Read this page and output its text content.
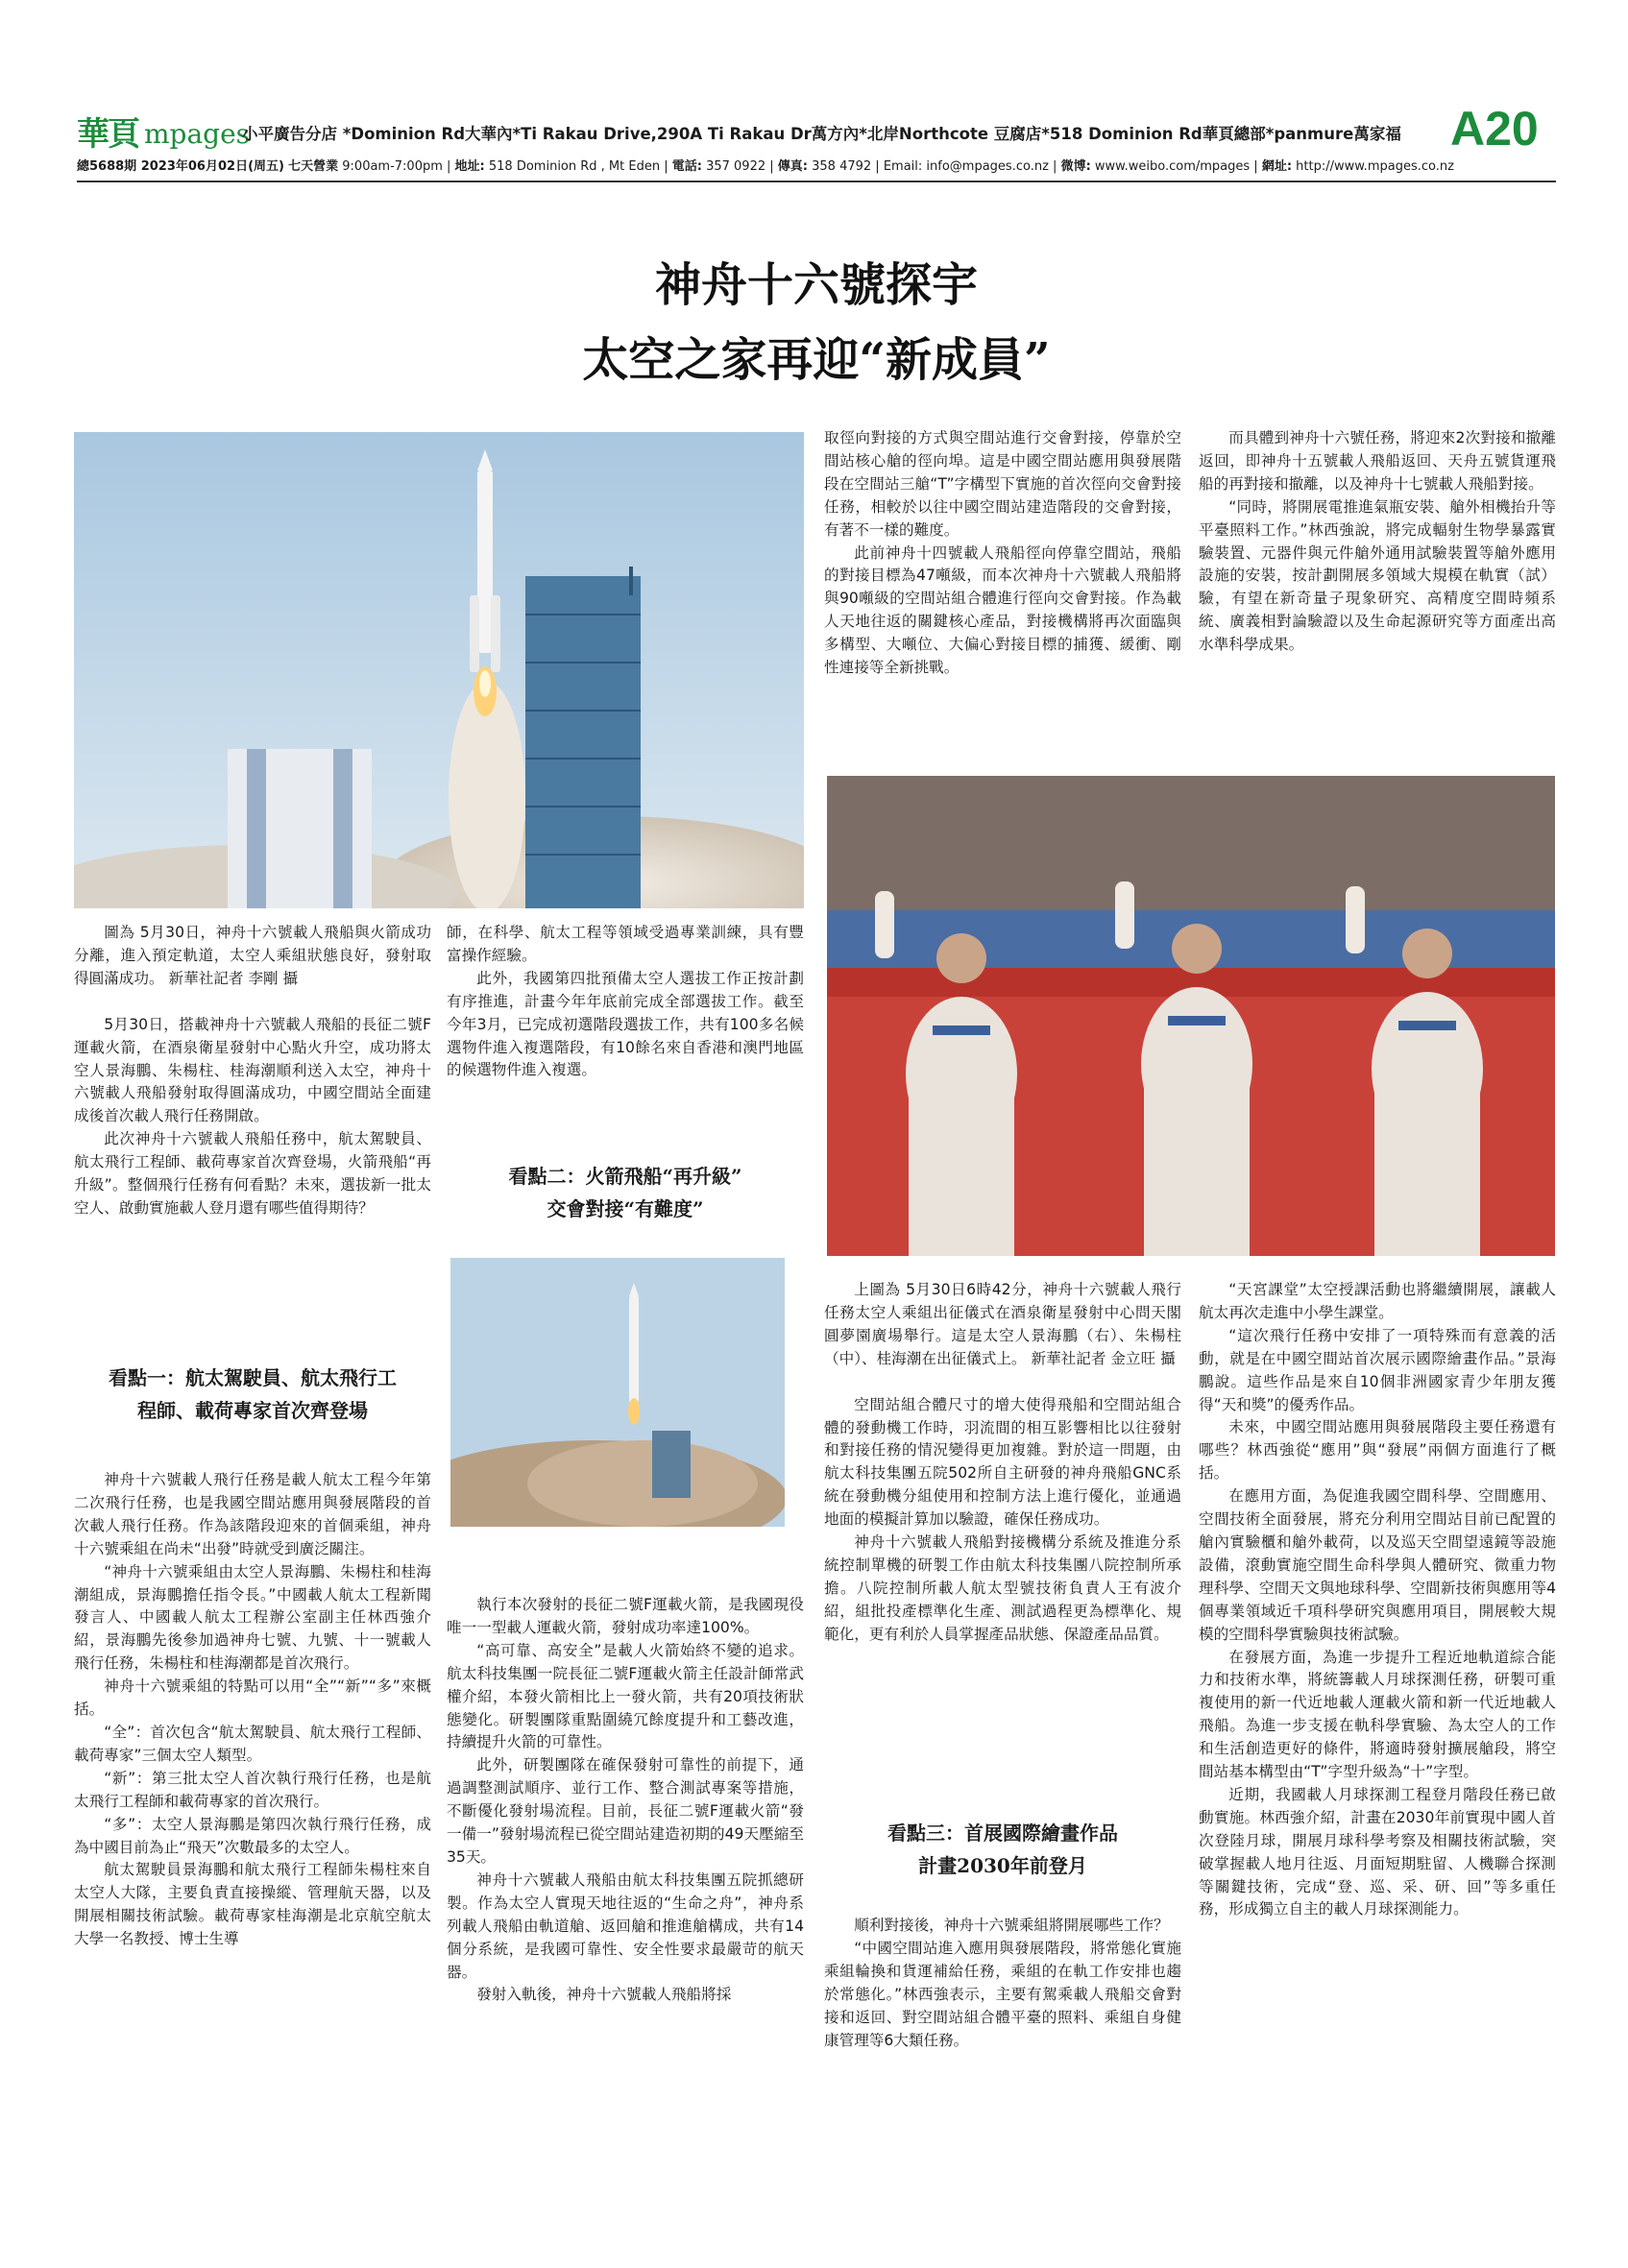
華頁 mpages
小平廣告分店 *Dominion Rd大華內*Ti Rakau Drive,290A Ti Rakau Dr萬方內*北岸Northcote 豆腐店*518 Dominion Rd華頁總部*panmure萬家福	A20
總5688期 2023年06月02日(周五) 七天營業 9:00am-7:00pm | 地址: 518 Dominion Rd , Mt Eden | 電話: 357 0922 | 傳真: 358 4792 | Email: info@mpages.co.nz | 微博: www.weibo.com/mpages | 網址: http://www.mpages.co.nz
神舟十六號探宇
太空之家再迎“新成員”

圖為 5月30日，神舟十六號載人飛船與火箭成功分離，進入預定軌道，太空人乘組狀態良好，發射取得圓滿成功。 新華社記者 李剛 攝

5月30日，搭載神舟十六號載人飛船的長征二號F運載火箭，在酒泉衛星發射中心點火升空，成功將太空人景海鵬、朱楊柱、桂海潮順利送入太空，神舟十六號載人飛船發射取得圓滿成功，中國空間站全面建成後首次載人飛行任務開啟。

此次神舟十六號載人飛船任務中，航太駕駛員、航太飛行工程師、載荷專家首次齊登場，火箭飛船“再升級”。整個飛行任務有何看點？未來，選拔新一批太空人、啟動實施載人登月還有哪些值得期待？

看點一：航太駕駛員、航太飛行工
程師、載荷專家首次齊登場

神舟十六號載人飛行任務是載人航太工程今年第二次飛行任務，也是我國空間站應用與發展階段的首次載人飛行任務。作為該階段迎來的首個乘組，神舟十六號乘組在尚未“出發”時就受到廣泛關注。

“神舟十六號乘組由太空人景海鵬、朱楊柱和桂海潮組成，景海鵬擔任指令長。”中國載人航太工程新聞發言人、中國載人航太工程辦公室副主任林西強介紹，景海鵬先後參加過神舟七號、九號、十一號載人飛行任務，朱楊柱和桂海潮都是首次飛行。

神舟十六號乘組的特點可以用“全”“新”“多”來概括。

“全”：首次包含“航太駕駛員、航太飛行工程師、載荷專家”三個太空人類型。

“新”：第三批太空人首次執行飛行任務，也是航太飛行工程師和載荷專家的首次飛行。

“多”：太空人景海鵬是第四次執行飛行任務，成為中國目前為止“飛天”次數最多的太空人。

航太駕駛員景海鵬和航太飛行工程師朱楊柱來自太空人大隊，主要負責直接操縱、管理航天器，以及開展相關技術試驗。載荷專家桂海潮是北京航空航太大學一名教授、博士生導

師，在科學、航太工程等領域受過專業訓練，具有豐富操作經驗。

此外，我國第四批預備太空人選拔工作正按計劃有序推進，計畫今年年底前完成全部選拔工作。截至今年3月，已完成初選階段選拔工作，共有100多名候選物件進入複選階段，有10餘名來自香港和澳門地區的候選物件進入複選。

看點二：火箭飛船“再升級”
交會對接“有難度”

執行本次發射的長征二號F運載火箭，是我國現役唯一一型載人運載火箭，發射成功率達100%。

“高可靠、高安全”是載人火箭始終不變的追求。航太科技集團一院長征二號F運載火箭主任設計師常武權介紹，本發火箭相比上一發火箭，共有20項技術狀態變化。研製團隊重點圍繞冗餘度提升和工藝改進，持續提升火箭的可靠性。

此外，研製團隊在確保發射可靠性的前提下，通過調整測試順序、並行工作、整合測試專案等措施，不斷優化發射場流程。目前，長征二號F運載火箭“發一備一”發射場流程已從空間站建造初期的49天壓縮至35天。

神舟十六號載人飛船由航太科技集團五院抓總研製。作為太空人實現天地往返的“生命之舟”，神舟系列載人飛船由軌道艙、返回艙和推進艙構成，共有14個分系統，是我國可靠性、安全性要求最嚴苛的航天器。

發射入軌後，神舟十六號載人飛船將採

取徑向對接的方式與空間站進行交會對接，停靠於空間站核心艙的徑向埠。這是中國空間站應用與發展階段在空間站三艙“T”字構型下實施的首次徑向交會對接任務，相較於以往中國空間站建造階段的交會對接，有著不一樣的難度。

此前神舟十四號載人飛船徑向停靠空間站，飛船的對接目標為47噸級，而本次神舟十六號載人飛船將與90噸級的空間站組合體進行徑向交會對接。作為載人天地往返的關鍵核心產品，對接機構將再次面臨與多構型、大噸位、大偏心對接目標的捕獲、緩衝、剛性連接等全新挑戰。

上圖為 5月30日6時42分，神舟十六號載人飛行任務太空人乘組出征儀式在酒泉衛星發射中心問天閣圓夢園廣場舉行。這是太空人景海鵬（右）、朱楊柱（中）、桂海潮在出征儀式上。 新華社記者 金立旺 攝

空間站組合體尺寸的增大使得飛船和空間站組合體的發動機工作時，羽流間的相互影響相比以往發射和對接任務的情況變得更加複雜。對於這一問題，由航太科技集團五院502所自主研發的神舟飛船GNC系統在發動機分組使用和控制方法上進行優化，並通過地面的模擬計算加以驗證，確保任務成功。

神舟十六號載人飛船對接機構分系統及推進分系統控制單機的研製工作由航太科技集團八院控制所承擔。八院控制所載人航太型號技術負責人王有波介紹，組批投產標準化生產、測試過程更為標準化、規範化，更有利於人員掌握產品狀態、保證產品品質。

看點三：首展國際繪畫作品
計畫2030年前登月

順利對接後，神舟十六號乘組將開展哪些工作？

“中國空間站進入應用與發展階段，將常態化實施乘組輪換和貨運補給任務，乘組的在軌工作安排也趨於常態化。”林西強表示，主要有駕乘載人飛船交會對接和返回、對空間站組合體平臺的照料、乘組自身健康管理等6大類任務。

而具體到神舟十六號任務，將迎來2次對接和撤離返回，即神舟十五號載人飛船返回、天舟五號貨運飛船的再對接和撤離，以及神舟十七號載人飛船對接。

“同時，將開展電推進氣瓶安裝、艙外相機抬升等平臺照料工作。”林西強說，將完成輻射生物學暴露實驗裝置、元器件與元件艙外通用試驗裝置等艙外應用設施的安裝，按計劃開展多領域大規模在軌實（試）驗，有望在新奇量子現象研究、高精度空間時頻系統、廣義相對論驗證以及生命起源研究等方面產出高水準科學成果。

“天宮課堂”太空授課活動也將繼續開展，讓載人航太再次走進中小學生課堂。

“這次飛行任務中安排了一項特殊而有意義的活動，就是在中國空間站首次展示國際繪畫作品。”景海鵬說。這些作品是來自10個非洲國家青少年朋友獲得“天和獎”的優秀作品。

未來，中國空間站應用與發展階段主要任務還有哪些？林西強從“應用”與“發展”兩個方面進行了概括。

在應用方面，為促進我國空間科學、空間應用、空間技術全面發展，將充分利用空間站目前已配置的艙內實驗櫃和艙外載荷，以及巡天空間望遠鏡等設施設備，滾動實施空間生命科學與人體研究、微重力物理科學、空間天文與地球科學、空間新技術與應用等4個專業領域近千項科學研究與應用項目，開展較大規模的空間科學實驗與技術試驗。

在發展方面，為進一步提升工程近地軌道綜合能力和技術水準，將統籌載人月球探測任務，研製可重複使用的新一代近地載人運載火箭和新一代近地載人飛船。為進一步支援在軌科學實驗、為太空人的工作和生活創造更好的條件，將適時發射擴展艙段，將空間站基本構型由“T”字型升級為“十”字型。

近期，我國載人月球探測工程登月階段任務已啟動實施。林西強介紹，計畫在2030年前實現中國人首次登陸月球，開展月球科學考察及相關技術試驗，突破掌握載人地月往返、月面短期駐留、人機聯合探測等關鍵技術，完成“登、巡、采、研、回”等多重任務，形成獨立自主的載人月球探測能力。
